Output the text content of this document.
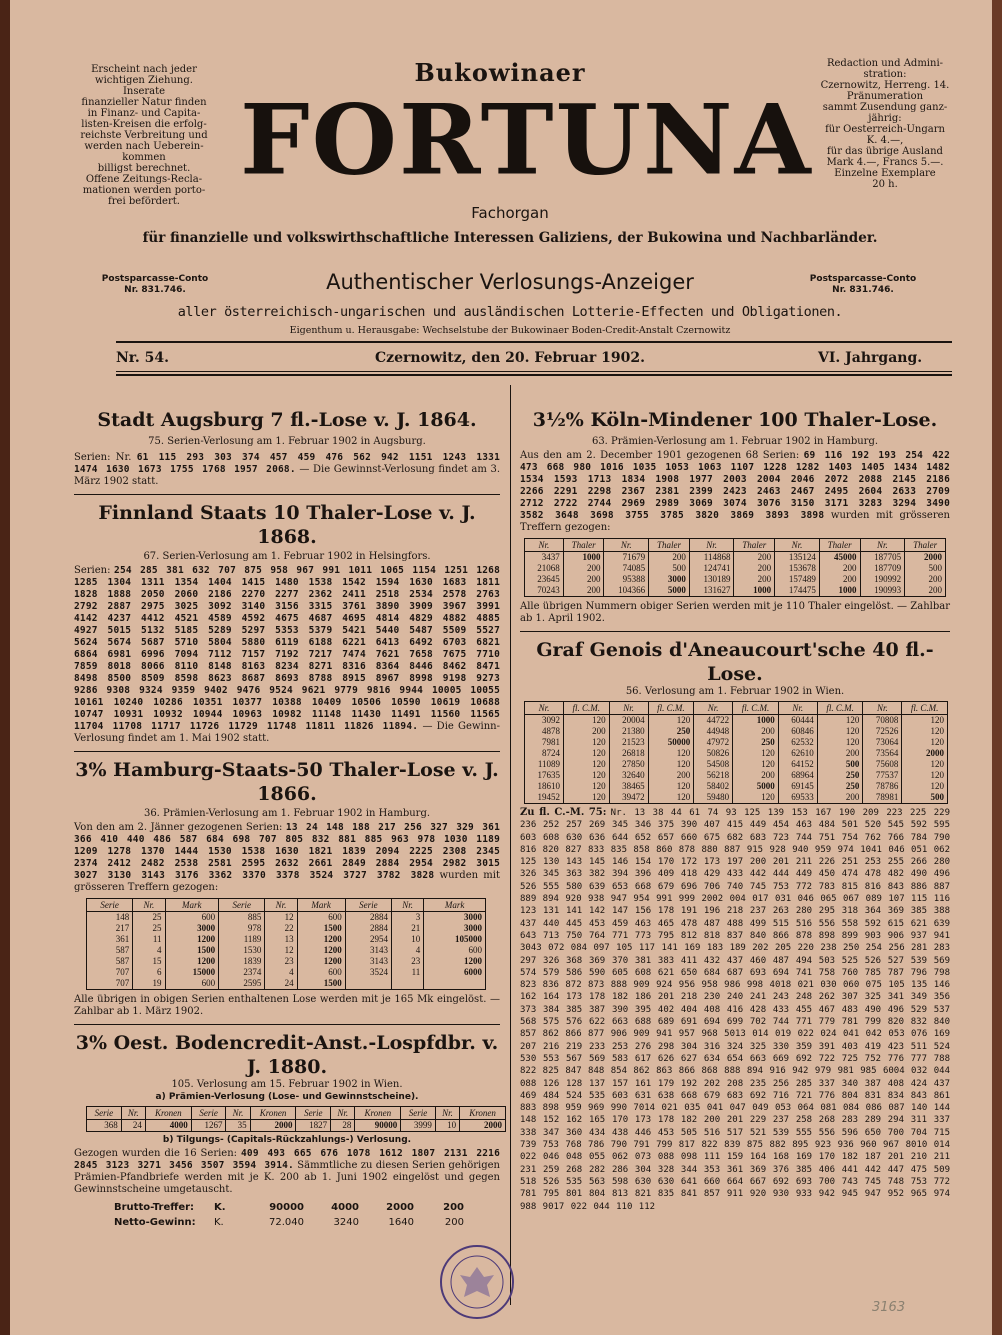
Erscheint nach jeder
wichtigen Ziehung.
Inserate
finanzieller Natur finden
in Finanz- und Capita-
listen-Kreisen die erfolg-
reichste Verbreitung und
werden nach Ueberein-
kommen
billigst berechnet.
Offene Zeitungs-Recla-
mationen werden porto-
frei befördert.
Redaction und Admini-
stration:
Czernowitz, Herreng. 14.
Pränumeration
sammt Zusendung ganz-
jährig:
für Oesterreich-Ungarn
K. 4.—,
für das übrige Ausland
Mark 4.—, Francs 5.—.
Einzelne Exemplare
20 h.
Bukowinaer
FORTUNA
Fachorgan
für finanzielle und volkswirthschaftliche Interessen Galiziens, der Bukowina und Nachbarländer.
Postsparcasse-Conto
Nr. 831.746.
Postsparcasse-Conto
Nr. 831.746.
Authentischer Verlosungs-Anzeiger
aller österreichisch-ungarischen und ausländischen Lotterie-Effecten und Obligationen.
Eigenthum u. Herausgabe: Wechselstube der Bukowinaer Boden-Credit-Anstalt Czernowitz
Nr. 54.	Czernowitz, den 20. Februar 1902.	VI. Jahrgang.
Stadt Augsburg 7 fl.-Lose v. J. 1864.
75. Serien-Verlosung am 1. Februar 1902 in Augsburg.
Serien: Nr. 61 115 293 303 374 457 459 476 562 942 1151 1243 1331 1474 1630 1673 1755 1768 1957 2068. — Die Gewinnst-Verlosung findet am 3. März 1902 statt.
Finnland Staats 10 Thaler-Lose v. J. 1868.
67. Serien-Verlosung am 1. Februar 1902 in Helsingfors.
Serien: 254 285 381 632 707 875 958 967 991 1011 1065 1154 1251 1268 1285 1304 1311 1354 1404 1415 1480 1538 1542 1594 1630 1683 1811 1828 1888 2050 2060 2186 2270 2277 2362 2411 2518 2534 2578 2763 2792 2887 2975 3025 3092 3140 3156 3315 3761 3890 3909 3967 3991 4142 4237 4412 4521 4589 4592 4675 4687 4695 4814 4829 4882 4885 4927 5015 5132 5185 5289 5297 5353 5379 5421 5440 5487 5509 5527 5624 5674 5687 5710 5804 5880 6119 6188 6221 6413 6492 6703 6821 6864 6981 6996 7094 7112 7157 7192 7217 7474 7621 7658 7675 7710 7859 8018 8066 8110 8148 8163 8234 8271 8316 8364 8446 8462 8471 8498 8500 8509 8598 8623 8687 8693 8788 8915 8967 8998 9198 9273 9286 9308 9324 9359 9402 9476 9524 9621 9779 9816 9944 10005 10055 10161 10240 10286 10351 10377 10388 10409 10506 10590 10619 10688 10747 10931 10932 10944 10963 10982 11148 11430 11491 11560 11565 11704 11708 11717 11726 11729 11748 11811 11826 11894. — Die Gewinn-Verlosung findet am 1. Mai 1902 statt.
3% Hamburg-Staats-50 Thaler-Lose v. J. 1866.
36. Prämien-Verlosung am 1. Februar 1902 in Hamburg.
Von den am 2. Jänner gezogenen Serien: 13 24 148 188 217 256 327 329 361 366 410 440 486 587 684 698 707 805 832 881 885 963 978 1030 1189 1209 1278 1370 1444 1530 1538 1630 1821 1839 2094 2225 2308 2345 2374 2412 2482 2538 2581 2595 2632 2661 2849 2884 2954 2982 3015 3027 3130 3143 3176 3362 3370 3378 3524 3727 3782 3828 wurden mit grösseren Treffern gezogen:
Serie	Nr.	Mark	Serie	Nr.	Mark	Serie	Nr.	Mark
148	25	600	885	12	600	2884	3	3000
217	25	3000	978	22	1500	2884	21	3000
361	11	1200	1189	13	1200	2954	10	105000
587	4	1500	1530	12	1200	3143	4	600
587	15	1200	1839	23	1200	3143	23	1200
707	6	15000	2374	4	600	3524	11	6000
707	19	600	2595	24	1500			
Alle übrigen in obigen Serien enthaltenen Lose werden mit je 165 Mk eingelöst. — Zahlbar ab 1. März 1902.
3% Oest. Bodencredit-Anst.-Lospfdbr. v. J. 1880.
105. Verlosung am 15. Februar 1902 in Wien.
a) Prämien-Verlosung (Lose- und Gewinnstscheine).
Serie	Nr.	Kronen	Serie	Nr.	Kronen	Serie	Nr.	Kronen	Serie	Nr.	Kronen
368	24	4000	1267	35	2000	1827	28	90000	3999	10	2000
b) Tilgungs- (Capitals-Rückzahlungs-) Verlosung.
Gezogen wurden die 16 Serien: 409 493 665 676 1078 1612 1807 2131 2216 2845 3123 3271 3456 3507 3594 3914. Sämmtliche zu diesen Serien gehörigen Prämien-Pfandbriefe werden mit je K. 200 ab 1. Juni 1902 eingelöst und gegen Gewinnstscheine umgetauscht.
Brutto-Treffer:	K.	90000	4000	2000	200
Netto-Gewinn:	K.	72.040	3240	1640	200
3½% Köln-Mindener 100 Thaler-Lose.
63. Prämien-Verlosung am 1. Februar 1902 in Hamburg.
Aus den am 2. December 1901 gezogenen 68 Serien: 69 116 192 193 254 422 473 668 980 1016 1035 1053 1063 1107 1228 1282 1403 1405 1434 1482 1534 1593 1713 1834 1908 1977 2003 2004 2046 2072 2088 2145 2186 2266 2291 2298 2367 2381 2399 2423 2463 2467 2495 2604 2633 2709 2712 2722 2744 2969 2989 3069 3074 3076 3150 3171 3283 3294 3490 3582 3648 3698 3755 3785 3820 3869 3893 3898 wurden mit grösseren Treffern gezogen:
Nr.	Thaler	Nr.	Thaler	Nr.	Thaler	Nr.	Thaler	Nr.	Thaler
3437	1000	71679	200	114868	200	135124	45000	187705	2000
21068	200	74085	500	124741	200	153678	200	187709	500
23645	200	95388	3000	130189	200	157489	200	190992	200
70243	200	104366	5000	131627	1000	174475	1000	190993	200
Alle übrigen Nummern obiger Serien werden mit je 110 Thaler eingelöst. — Zahlbar ab 1. April 1902.
Graf Genois d'Aneaucourt'sche 40 fl.-Lose.
56. Verlosung am 1. Februar 1902 in Wien.
Nr.	fl. C.M.	Nr.	fl. C.M.	Nr.	fl. C.M.	Nr.	fl. C.M.	Nr.	fl. C.M.
3092	120	20004	120	44722	1000	60444	120	70808	120
4878	200	21380	250	44948	200	60846	120	72526	120
7981	120	21523	50000	47972	250	62532	120	73064	120
8724	120	26818	120	50826	120	62610	200	73564	2000
11089	120	27850	120	54508	120	64152	500	75608	120
17635	120	32640	200	56218	200	68964	250	77537	120
18610	120	38465	120	58402	5000	69145	250	78786	120
19452	120	39472	120	59480	120	69533	200	78981	500
Zu fl. C.-M. 75: Nr. 13 38 44 61 74 93 125 139 153 167 190 209 223 225 229 236 252 257 269 345 346 375 390 407 415 449 454 463 484 501 520 545 592 595 603 608 630 636 644 652 657 660 675 682 683 723 744 751 754 762 766 784 790 816 820 827 833 835 858 860 878 880 887 915 928 940 959 974 1041 046 051 062 125 130 143 145 146 154 170 172 173 197 200 201 211 226 251 253 255 266 280 326 345 363 382 394 396 409 418 429 433 442 444 449 450 474 478 482 490 496 526 555 580 639 653 668 679 696 706 740 745 753 772 783 815 816 843 886 887 889 894 920 938 947 954 991 999 2002 004 017 031 046 065 067 089 107 115 116 123 131 141 142 147 156 178 191 196 218 237 263 280 295 318 364 369 385 388 437 440 445 453 459 463 465 478 487 488 499 515 516 556 558 592 615 621 639 643 713 750 764 771 773 795 812 818 837 840 866 878 898 899 903 906 937 941 3043 072 084 097 105 117 141 169 183 189 202 205 220 238 250 254 256 281 283 297 326 368 369 370 381 383 411 432 437 460 487 494 503 525 526 527 539 569 574 579 586 590 605 608 621 650 684 687 693 694 741 758 760 785 787 796 798 823 836 872 873 888 909 924 956 958 986 998 4018 021 030 060 075 105 135 146 162 164 173 178 182 186 201 218 230 240 241 243 248 262 307 325 341 349 356 373 384 385 387 390 395 402 404 408 416 428 433 455 467 483 490 496 529 537 568 575 576 622 663 688 689 691 694 699 702 744 771 779 781 799 820 832 840 857 862 866 877 906 909 941 957 968 5013 014 019 022 024 041 042 053 076 169 207 216 219 233 253 276 298 304 316 324 325 330 359 391 403 419 423 511 524 530 553 567 569 583 617 626 627 634 654 663 669 692 722 725 752 776 777 788 822 825 847 848 854 862 863 866 868 888 894 916 942 979 981 985 6004 032 044 088 126 128 137 157 161 179 192 202 208 235 256 285 337 340 387 408 424 437 469 484 524 535 603 631 638 668 679 683 692 716 721 776 804 831 834 843 861 883 898 959 969 990 7014 021 035 041 047 049 053 064 081 084 086 087 140 144 148 152 162 165 170 173 178 182 200 201 229 237 258 268 283 289 294 311 337 338 347 360 434 438 446 453 505 516 517 521 539 555 556 596 650 700 704 715 739 753 768 786 790 791 799 817 822 839 875 882 895 923 936 960 967 8010 014 022 046 048 055 062 073 088 098 111 159 164 168 169 170 182 187 201 210 211 231 259 268 282 286 304 328 344 353 361 369 376 385 406 441 442 447 475 509 518 526 535 563 598 630 630 641 660 664 667 692 693 700 743 745 748 753 772 781 795 801 804 813 821 835 841 857 911 920 930 933 942 945 947 952 965 974 988 9017 022 044 110 112
3163
